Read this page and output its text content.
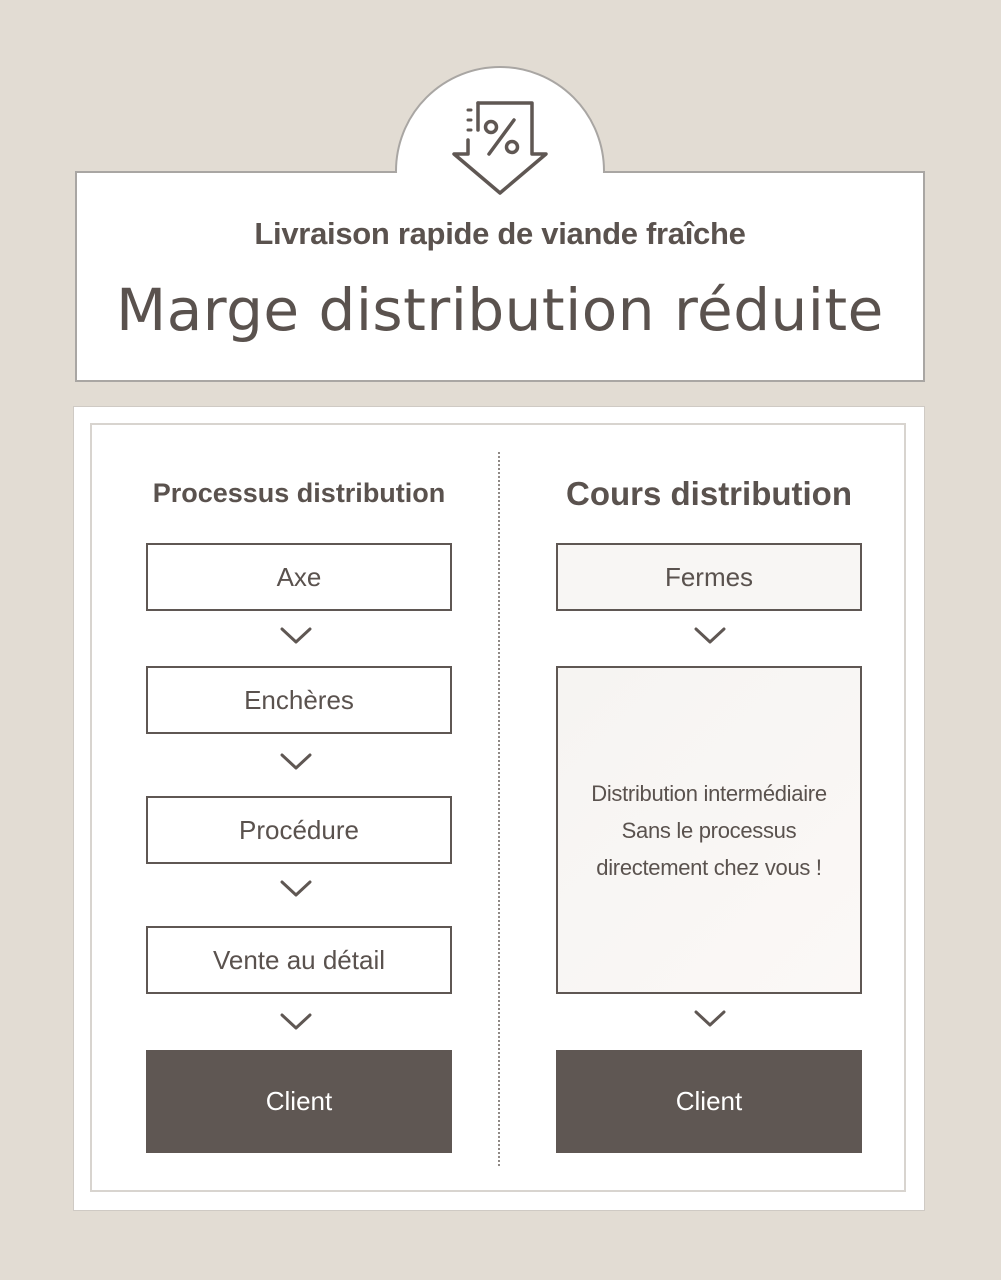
Livraison rapide de viande fraîche
Marge distribution réduite
Processus distribution
Axe
Enchères
Procédure
Vente au détail
Client
Cours distribution
Fermes
Distribution intermédiaire
Sans le processus
directement chez vous !
Client
